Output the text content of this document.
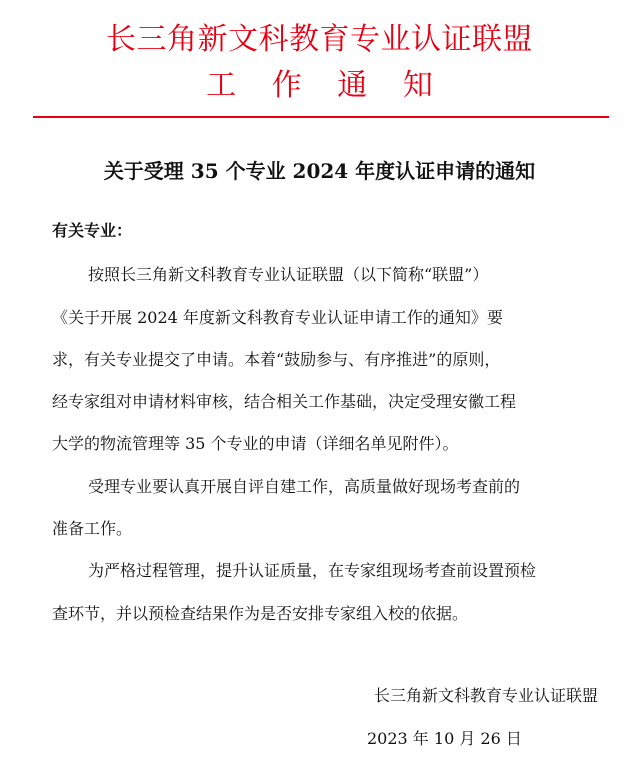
长三角新文科教育专业认证联盟
工 作 通 知
关于受理 35 个专业 2024 年度认证申请的通知
有关专业：
按照长三角新文科教育专业认证联盟（以下简称“联盟”）
《关于开展 2024 年度新文科教育专业认证申请工作的通知》要
求，有关专业提交了申请。本着“鼓励参与、有序推进”的原则，
经专家组对申请材料审核，结合相关工作基础，决定受理安徽工程
大学的物流管理等 35 个专业的申请（详细名单见附件）。
受理专业要认真开展自评自建工作，高质量做好现场考查前的
准备工作。
为严格过程管理，提升认证质量，在专家组现场考查前设置预检
查环节，并以预检查结果作为是否安排专家组入校的依据。
长三角新文科教育专业认证联盟
2023 年 10 月 26 日
